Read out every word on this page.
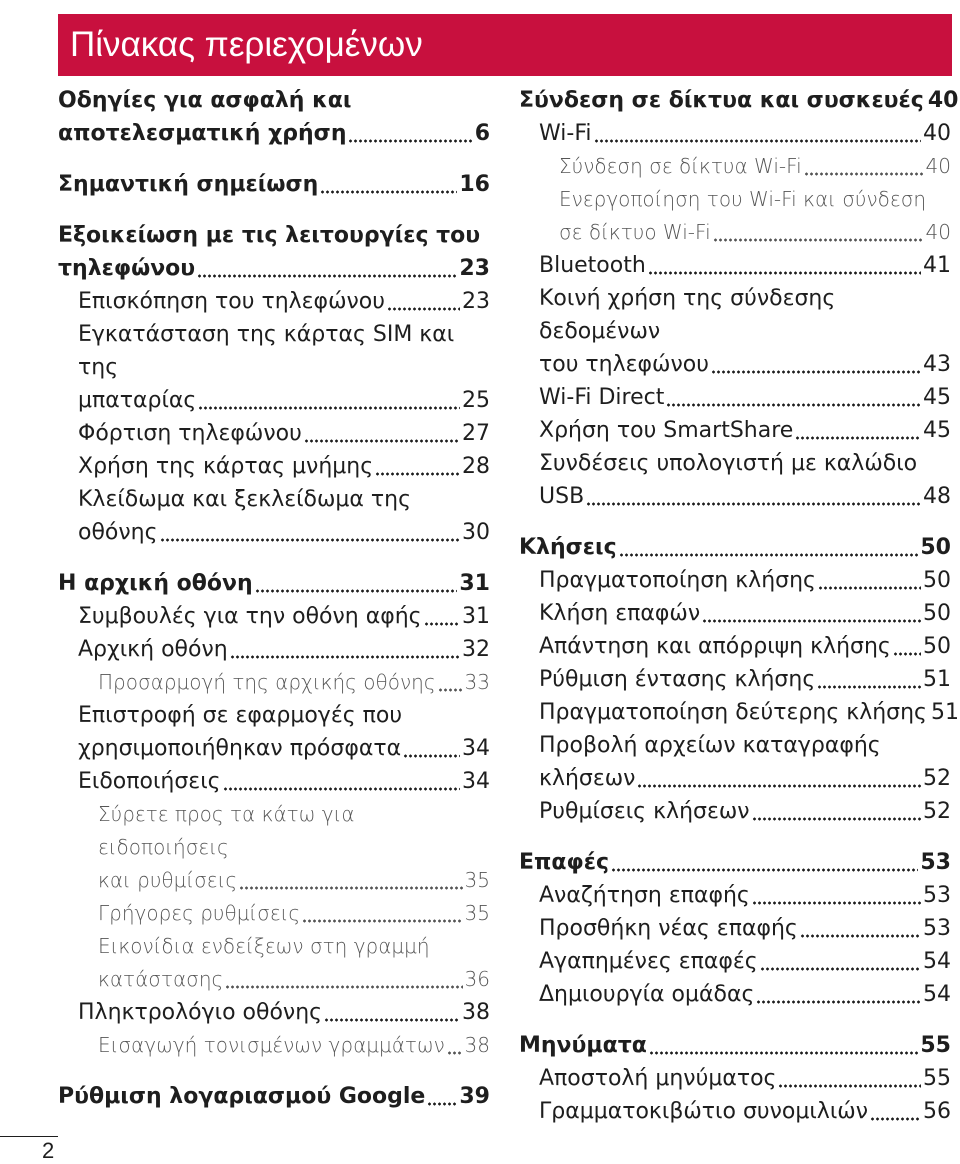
Πίνακας περιεχομένων
Οδηγίες για ασφαλή και
αποτελεσματική χρήση	6
Σημαντική σημείωση	16
Εξοικείωση με τις λειτουργίες του
τηλεφώνου	23
Επισκόπηση του τηλεφώνου	23
Εγκατάσταση της κάρτας SIM και της
μπαταρίας	25
Φόρτιση τηλεφώνου	27
Χρήση της κάρτας μνήμης	28
Κλείδωμα και ξεκλείδωμα της
οθόνης	30
Η αρχική οθόνη	31
Συμβουλές για την οθόνη αφής 31
Αρχική οθόνη	32
Προσαρμογή της αρχικής οθόνης 33
Επιστροφή σε εφαρμογές που
χρησιμοποιήθηκαν πρόσφατα	34
Ειδοποιήσεις	34
Σύρετε προς τα κάτω για ειδοποιήσεις
και ρυθμίσεις	35
Γρήγορες ρυθμίσεις	35
Εικονίδια ενδείξεων στη γραμμή
κατάστασης	36
Πληκτρολόγιο οθόνης	38
Εισαγωγή τονισμένων γραμμάτων 38
Ρύθμιση λογαριασμού Google 39
Σύνδεση σε δίκτυα και συσκευές 40
Wi-Fi	40
Σύνδεση σε δίκτυα Wi-Fi	40
Ενεργοποίηση του Wi-Fi και σύνδεση
σε δίκτυο Wi-Fi	40
Bluetooth	41
Κοινή χρήση της σύνδεσης δεδομένων
του τηλεφώνου	43
Wi-Fi Direct	45
Χρήση του SmartShare	45
Συνδέσεις υπολογιστή με καλώδιο
USB	48
Κλήσεις	50
Πραγματοποίηση κλήσης	50
Κλήση επαφών	50
Απάντηση και απόρριψη κλήσης 50
Ρύθμιση έντασης κλήσης	51
Πραγματοποίηση δεύτερης κλήσης 51
Προβολή αρχείων καταγραφής
κλήσεων	52
Ρυθμίσεις κλήσεων	52
Επαφές	53
Αναζήτηση επαφής	53
Προσθήκη νέας επαφής	53
Αγαπημένες επαφές	54
Δημιουργία ομάδας	54
Μηνύματα	55
Αποστολή μηνύματος	55
Γραμματοκιβώτιο συνομιλιών	56
2
